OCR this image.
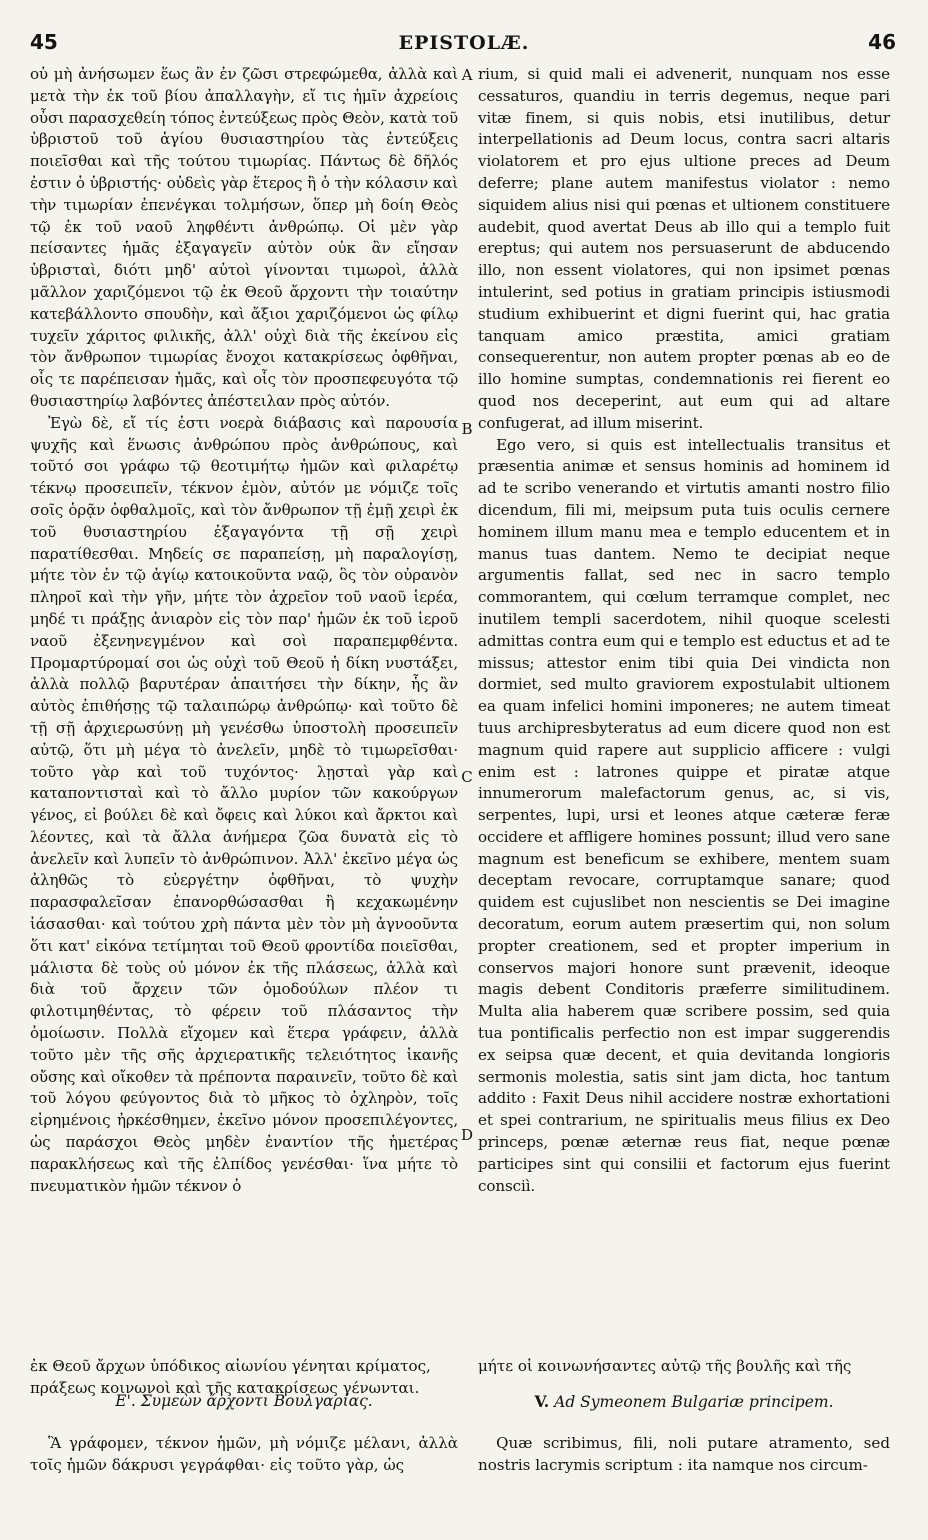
45	EPISTOLÆ.	46

οὐ μὴ ἀνήσωμεν ἕως ἂν ἐν ζῶσι στρεφώμεθα, ἀλλὰ καὶ μετὰ τὴν ἐκ τοῦ βίου ἀπαλλαγὴν, εἴ τις ἡμῖν ἀχρείοις οὖσι παρασχεθείη τόπος ἐντεύξεως πρὸς Θεὸν, κατὰ τοῦ ὑβριστοῦ τοῦ ἁγίου θυσιαστηρίου τὰς ἐντεύξεις ποιεῖσθαι καὶ τῆς τούτου τιμωρίας. Πάντως δὲ δῆλός ἐστιν ὁ ὑβριστής· οὐδεὶς γὰρ ἕτερος ἢ ὁ τὴν κόλασιν καὶ τὴν τιμωρίαν ἐπενέγκαι τολμήσων, ὅπερ μὴ δοίη Θεὸς τῷ ἐκ τοῦ ναοῦ ληφθέντι ἀνθρώπῳ. Οἱ μὲν γὰρ πείσαντες ἡμᾶς ἐξαγαγεῖν αὐτὸν οὐκ ἂν εἴησαν ὑβρισταὶ, διότι μηδ' αὐτοὶ γίνονται τιμωροὶ, ἀλλὰ μᾶλλον χαριζόμενοι τῷ ἐκ Θεοῦ ἄρχοντι τὴν τοιαύτην κατεβάλλοντο σπουδὴν, καὶ ἄξιοι χαριζόμενοι ὡς φίλῳ τυχεῖν χάριτος φιλικῆς, ἀλλ' οὐχὶ διὰ τῆς ἐκείνου εἰς τὸν ἄνθρωπον τιμωρίας ἔνοχοι κατακρίσεως ὀφθῆναι, οἷς τε παρέπεισαν ἡμᾶς, καὶ οἷς τὸν προσπεφευγότα τῷ θυσιαστηρίῳ λαβόντες ἀπέστειλαν πρὸς αὐτόν.

Ἐγὼ δὲ, εἴ τίς ἐστι νοερὰ διάβασις καὶ παρουσία ψυχῆς καὶ ἕνωσις ἀνθρώπου πρὸς ἀνθρώπους, καὶ τοῦτό σοι γράφω τῷ θεοτιμήτῳ ἡμῶν καὶ φιλαρέτῳ τέκνῳ προσειπεῖν, τέκνον ἐμὸν, αὐτόν με νόμιζε τοῖς σοῖς ὁρᾷν ὀφθαλμοῖς, καὶ τὸν ἄνθρωπον τῇ ἐμῇ χειρὶ ἐκ τοῦ θυσιαστηρίου ἐξαγαγόντα τῇ σῇ χειρὶ παρατίθεσθαι. Μηδείς σε παραπείσῃ, μὴ παραλογίσῃ, μήτε τὸν ἐν τῷ ἁγίῳ κατοικοῦντα ναῷ, ὃς τὸν οὐρανὸν πληροῖ καὶ τὴν γῆν, μήτε τὸν ἀχρεῖον τοῦ ναοῦ ἱερέα, μηδέ τι πράξῃς ἀνιαρὸν εἰς τὸν παρ' ἡμῶν ἐκ τοῦ ἱεροῦ ναοῦ ἐξενηνεγμένον καὶ σοὶ παραπεμφθέντα. Προμαρτύρομαί σοι ὡς οὐχὶ τοῦ Θεοῦ ἡ δίκη νυστάξει, ἀλλὰ πολλῷ βαρυτέραν ἀπαιτήσει τὴν δίκην, ἧς ἂν αὐτὸς ἐπιθήσῃς τῷ ταλαιπώρῳ ἀνθρώπῳ· καὶ τοῦτο δὲ τῇ σῇ ἀρχιερωσύνῃ μὴ γενέσθω ὑποστολὴ προσειπεῖν αὐτῷ, ὅτι μὴ μέγα τὸ ἀνελεῖν, μηδὲ τὸ τιμωρεῖσθαι· τοῦτο γὰρ καὶ τοῦ τυχόντος· λῃσταὶ γὰρ καὶ καταποντισταὶ καὶ τὸ ἄλλο μυρίον τῶν κακούργων γένος, εἰ βούλει δὲ καὶ ὄφεις καὶ λύκοι καὶ ἄρκτοι καὶ λέοντες, καὶ τὰ ἄλλα ἀνήμερα ζῶα δυνατὰ εἰς τὸ ἀνελεῖν καὶ λυπεῖν τὸ ἀνθρώπινον. Ἀλλ' ἐκεῖνο μέγα ὡς ἀληθῶς τὸ εὐεργέτην ὀφθῆναι, τὸ ψυχὴν παρασφαλεῖσαν ἐπανορθώσασθαι ἢ κεχακωμένην ἰάσασθαι· καὶ τούτου χρὴ πάντα μὲν τὸν μὴ ἀγνοοῦντα ὅτι κατ' εἰκόνα τετίμηται τοῦ Θεοῦ φροντίδα ποιεῖσθαι, μάλιστα δὲ τοὺς οὐ μόνον ἐκ τῆς πλάσεως, ἀλλὰ καὶ διὰ τοῦ ἄρχειν τῶν ὁμοδούλων πλέον τι φιλοτιμηθέντας, τὸ φέρειν τοῦ πλάσαντος τὴν ὁμοίωσιν. Πολλὰ εἴχομεν καὶ ἕτερα γράφειν, ἀλλὰ τοῦτο μὲν τῆς σῆς ἀρχιερατικῆς τελειότητος ἱκανῆς οὔσης καὶ οἴκοθεν τὰ πρέποντα παραινεῖν, τοῦτο δὲ καὶ τοῦ λόγου φεύγοντος διὰ τὸ μῆκος τὸ ὀχληρὸν, τοῖς εἰρημένοις ἠρκέσθημεν, ἐκεῖνο μόνον προσεπιλέγοντες, ὡς παράσχοι Θεὸς μηδὲν ἐναντίον τῆς ἡμετέρας παρακλήσεως καὶ τῆς ἐλπίδος γενέσθαι· ἵνα μήτε τὸ πνευματικὸν ἡμῶν τέκνον ὁ

A
B
C
D

rium, si quid mali ei advenerit, nunquam nos esse cessaturos, quandiu in terris degemus, neque pari vitæ finem, si quis nobis, etsi inutilibus, detur interpellationis ad Deum locus, contra sacri altaris violatorem et pro ejus ultione preces ad Deum deferre; plane autem manifestus violator : nemo siquidem alius nisi qui pœnas et ultionem constituere audebit, quod avertat Deus ab illo qui a templo fuit ereptus; qui autem nos persuaserunt de abducendo illo, non essent violatores, qui non ipsimet pœnas intulerint, sed potius in gratiam principis istiusmodi studium exhibuerint et digni fuerint qui, hac gratia tanquam amico præstita, amici gratiam consequerentur, non autem propter pœnas ab eo de illo homine sumptas, condemnationis rei fierent eo quod nos deceperint, aut eum qui ad altare confugerat, ad illum miserint.

Ego vero, si quis est intellectualis transitus et præsentia animæ et sensus hominis ad hominem id ad te scribo venerando et virtutis amanti nostro filio dicendum, fili mi, meipsum puta tuis oculis cernere hominem illum manu mea e templo educentem et in manus tuas dantem. Nemo te decipiat neque argumentis fallat, sed nec in sacro templo commorantem, qui cœlum terramque complet, nec inutilem templi sacerdotem, nihil quoque scelesti admittas contra eum qui e templo est eductus et ad te missus; attestor enim tibi quia Dei vindicta non dormiet, sed multo graviorem expostulabit ultionem ea quam infelici homini imponeres; ne autem timeat tuus archipresbyteratus ad eum dicere quod non est magnum quid rapere aut supplicio afficere : vulgi enim est : latrones quippe et piratæ atque innumerorum malefactorum genus, ac, si vis, serpentes, lupi, ursi et leones atque cæteræ feræ occidere et affligere homines possunt; illud vero sane magnum est beneficum se exhibere, mentem suam deceptam revocare, corruptamque sanare; quod quidem est cujuslibet non nescientis se Dei imagine decoratum, eorum autem præsertim qui, non solum propter creationem, sed et propter imperium in conservos majori honore sunt prævenit, ideoque magis debent Conditoris præferre similitudinem. Multa alia haberem quæ scribere possim, sed quia tua pontificalis perfectio non est impar suggerendis ex seipsa quæ decent, et quia devitanda longioris sermonis molestia, satis sint jam dicta, hoc tantum addito : Faxit Deus nihil accidere nostræ exhortationi et spei contrarium, ne spiritualis meus filius ex Deo princeps, pœnæ æternæ reus fiat, neque pœnæ participes sint qui consilii et factorum ejus fuerint consciì.

ἐκ Θεοῦ ἄρχων ὑπόδικος αἰωνίου γένηται κρίματος, πράξεως κοινωνοὶ καὶ τῆς κατακρίσεως γένωνται.
μήτε οἱ κοινωνήσαντες αὐτῷ τῆς βουλῆς καὶ τῆς
Ε'. Συμεὼν ἄρχοντι Βουλγαρίας.	V. Ad Symeonem Bulgariæ principem.

Ἃ γράφομεν, τέκνον ἡμῶν, μὴ νόμιζε μέλανι, ἀλλὰ τοῖς ἡμῶν δάκρυσι γεγράφθαι· εἰς τοῦτο γὰρ, ὡς

Quæ scribimus, fili, noli putare atramento, sed nostris lacrymis scriptum : ita namque nos circum-
